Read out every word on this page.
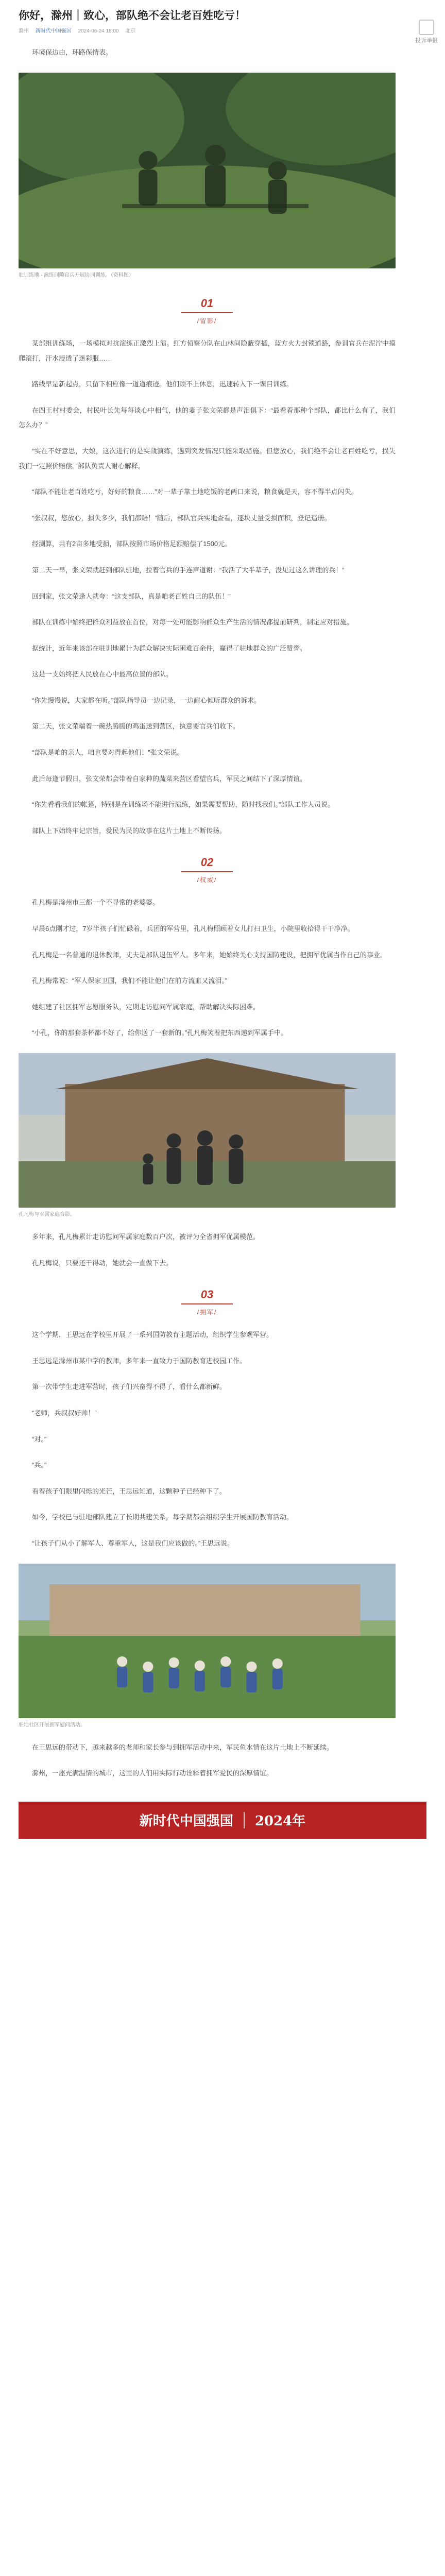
投诉举报
你好，滁州｜致心，部队绝不会让老百姓吃亏！
滁州 新时代中国强国 2024-06-24 18:00 北京

环境保边由，环路保情表。

驻训练地 · 演练间隙官兵开展协同训练。（资料图）
01
/留影/

某部组训练场，一场模拟对抗演练正激烈上演。红方侦察分队在山林间隐蔽穿插，蓝方火力封锁道路，参训官兵在泥泞中摸爬滚打，汗水浸透了迷彩服……

路线早是新起点，只留下相应像一道道痕迹。他们顾不上休息，迅速转入下一课目训练。

在四王村村委会，村民叶长先每每谈心中相气，他的妻子张文荣都是声泪俱下：“最看着那种个部队，都比什么有了，我们怎么办？”

“实在不好意思，大娘，这次进行的是实战演练，遇到突发情况只能采取措施。但您放心，我们绝不会让老百姓吃亏，损失我们一定照价赔偿。”部队负责人耐心解释。

“部队不能让老百姓吃亏，好好的粮食……”对一辈子靠土地吃饭的老两口来说，粮食就是天，容不得半点闪失。

“张叔叔，您放心，损失多少，我们都赔！”随后，部队官兵实地查看，逐块丈量受损面积，登记造册。

经测算，共有2亩多地受损，部队按照市场价格足额赔偿了1500元。

第二天一早，张文荣就赶到部队驻地，拉着官兵的手连声道谢：“我活了大半辈子，没见过这么讲理的兵！”

回到家，张文荣逢人就夸：“这支部队，真是咱老百姓自己的队伍！”

部队在训练中始终把群众利益放在首位，对每一处可能影响群众生产生活的情况都提前研判，制定应对措施。

据统计，近年来该部在驻训地累计为群众解决实际困难百余件，赢得了驻地群众的广泛赞誉。

这是一支始终把人民放在心中最高位置的部队。

“你先慢慢说，大家都在听。”部队指导员一边记录，一边耐心倾听群众的诉求。

第二天，张文荣端着一碗热腾腾的鸡蛋送到营区，执意要官兵们收下。

“部队是咱的亲人，咱也要对得起他们！”张文荣说。

此后每逢节假日，张文荣都会带着自家种的蔬菜来营区看望官兵，军民之间结下了深厚情谊。

“你先看看我们的帐篷，特别是在训练场不能进行演练，如果需要帮助，随时找我们。”部队工作人员说。

部队上下始终牢记宗旨，爱民为民的故事在这片土地上不断传扬。

02
/权威/

孔凡梅是滁州市三都一个不寻常的老婆婆。

早晨6点刚才过，7岁半孩子们忙碌着，兵团的军营里，孔凡梅照顾着女儿打扫卫生，小院里收拾得干干净净。

孔凡梅是一名普通的退休教师，丈夫是部队退伍军人。多年来，她始终关心支持国防建设，把拥军优属当作自己的事业。

孔凡梅常说：“军人保家卫国，我们不能让他们在前方流血又流泪。”

她组建了社区拥军志愿服务队，定期走访慰问军属家庭，帮助解决实际困难。

“小孔，你的那套茶杯都不好了，给你送了一套新的。”孔凡梅笑着把东西递到军属手中。

孔凡梅与军属家庭合影。

多年来，孔凡梅累计走访慰问军属家庭数百户次，被评为全省拥军优属模范。

孔凡梅说，只要还干得动，她就会一直做下去。

03
/拥军/

这个学期，王思远在学校里开展了一系列国防教育主题活动，组织学生参观军营。

王思远是滁州市某中学的教师，多年来一直致力于国防教育进校园工作。

第一次带学生走进军营时，孩子们兴奋得不得了，看什么都新鲜。

“老师，兵叔叔好帅！”

“对。”

“兵。”

看着孩子们眼里闪烁的光芒，王思远知道，这颗种子已经种下了。

如今，学校已与驻地部队建立了长期共建关系，每学期都会组织学生开展国防教育活动。

“让孩子们从小了解军人、尊重军人，这是我们应该做的。”王思远说。

驻地社区开展拥军慰问活动。

在王思远的带动下，越来越多的老师和家长参与到拥军活动中来，军民鱼水情在这片土地上不断延续。

滁州，一座充满温情的城市，这里的人们用实际行动诠释着拥军爱民的深厚情谊。

新时代中国强国 2024年
